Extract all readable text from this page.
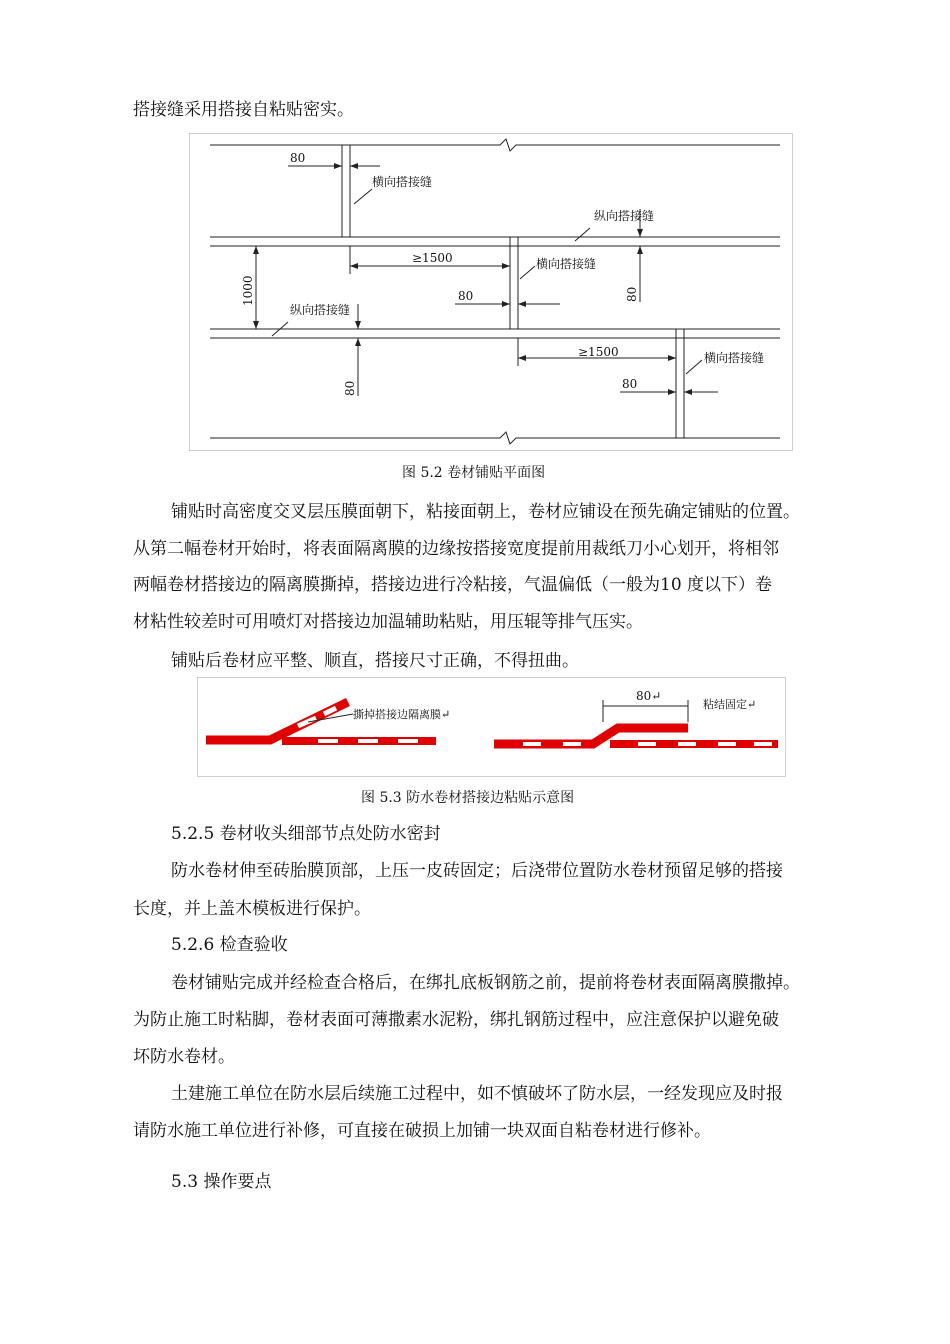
搭接缝采用搭接自粘贴密实。
80
横向搭接缝
纵向搭接缝
≥1500	横向搭接缝
80	80
1000
纵向搭接缝
≥1500	横向搭接缝
80
80
图 5.2 卷材铺贴平面图
铺贴时高密度交叉层压膜面朝下，粘接面朝上，卷材应铺设在预先确定铺贴的位置。
从第二幅卷材开始时，将表面隔离膜的边缘按搭接宽度提前用裁纸刀小心划开，将相邻
两幅卷材搭接边的隔离膜撕掉，搭接边进行冷粘接，气温偏低（一般为10 度以下）卷
材粘性较差时可用喷灯对搭接边加温辅助粘贴，用压辊等排气压实。
铺贴后卷材应平整、顺直，搭接尺寸正确，不得扭曲。
撕掉搭接边隔离膜↵
80↵
粘结固定↵
图 5.3 防水卷材搭接边粘贴示意图
5.2.5 卷材收头细部节点处防水密封
防水卷材伸至砖胎膜顶部，上压一皮砖固定；后浇带位置防水卷材预留足够的搭接
长度，并上盖木模板进行保护。
5.2.6 检查验收
卷材铺贴完成并经检查合格后，在绑扎底板钢筋之前，提前将卷材表面隔离膜撒掉。
为防止施工时粘脚，卷材表面可薄撒素水泥粉，绑扎钢筋过程中，应注意保护以避免破
坏防水卷材。
土建施工单位在防水层后续施工过程中，如不慎破坏了防水层，一经发现应及时报
请防水施工单位进行补修，可直接在破损上加铺一块双面自粘卷材进行修补。
5.3 操作要点
